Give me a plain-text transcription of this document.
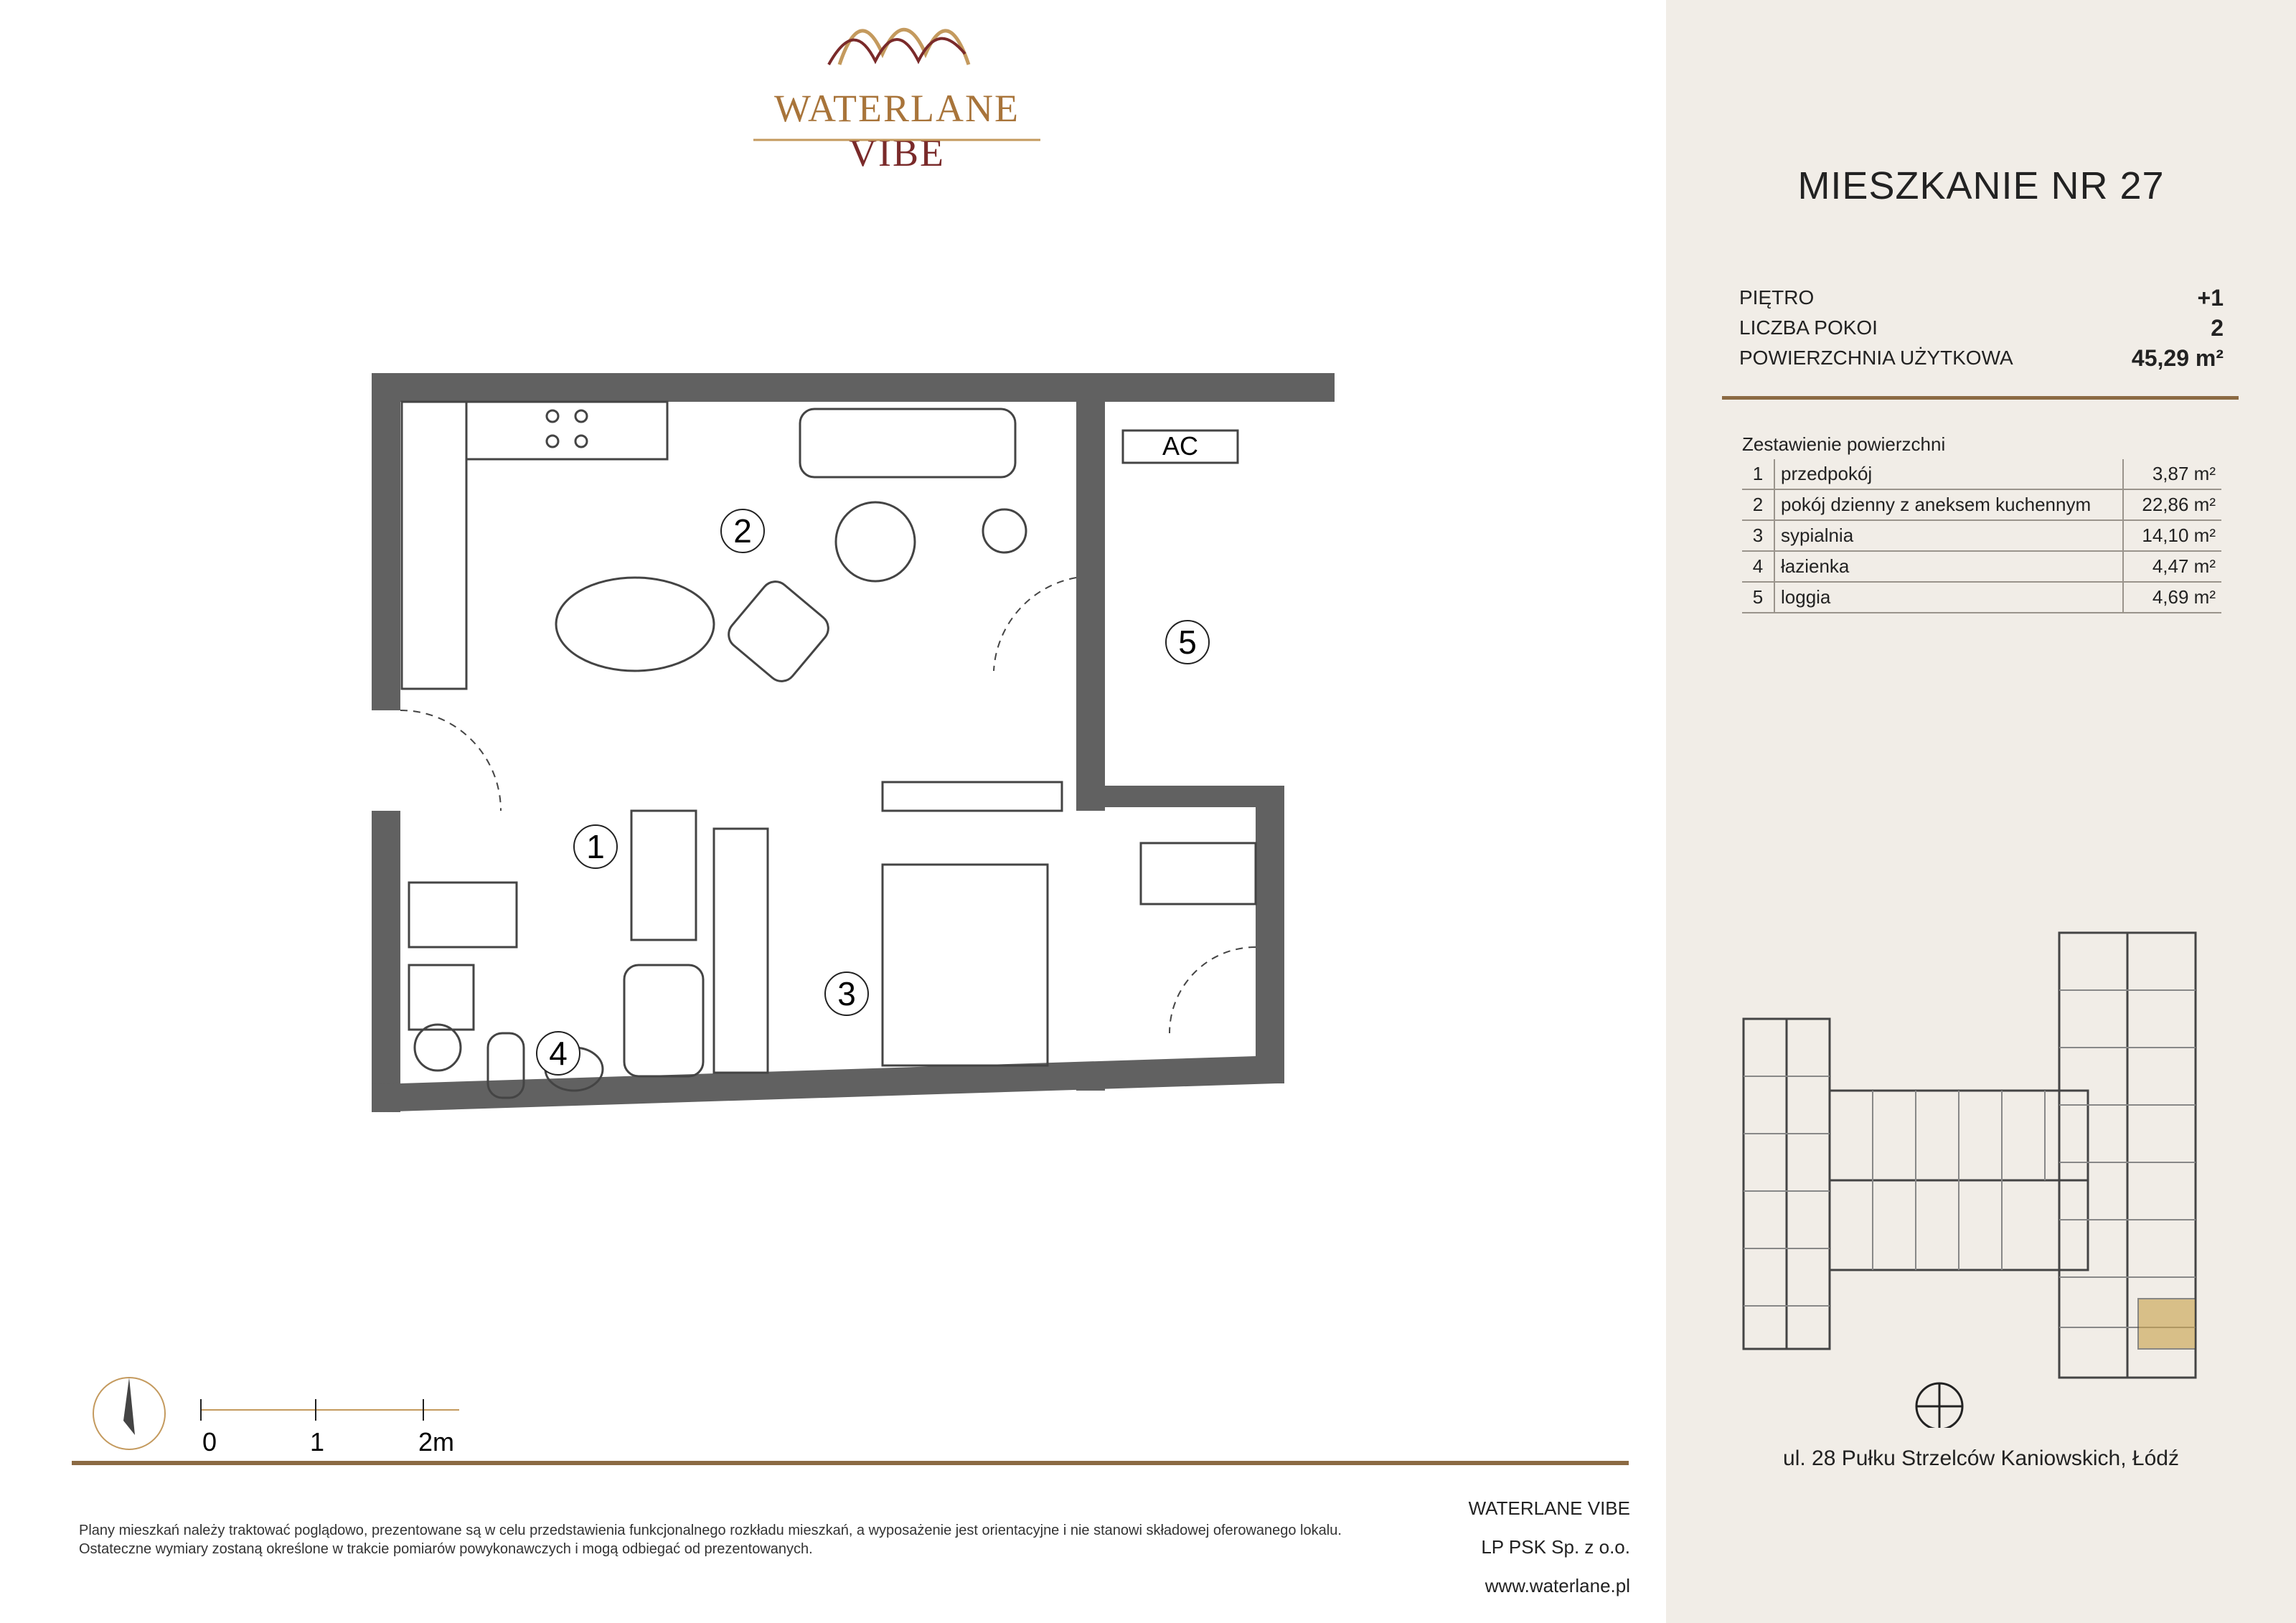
WATERLANE VIBE
2
1
3
4
5
AC
0	1	2m
Plany mieszkań należy traktować poglądowo, prezentowane są w celu przedstawienia funkcjonalnego rozkładu mieszkań, a wyposażenie jest orientacyjne i nie stanowi składowej oferowanego lokalu.
Ostateczne wymiary zostaną określone w trakcie pomiarów powykonawczych i mogą odbiegać od prezentowanych.
WATERLANE VIBE
LP PSK Sp. z o.o.
www.waterlane.pl
MIESZKANIE NR 27
PIĘTRO	+1
LICZBA POKOI	2
POWIERZCHNIA UŻYTKOWA	45,29 m²
Zestawienie powierzchni
1	przedpokój	3,87 m²
2	pokój dzienny z aneksem kuchennym	22,86 m²
3	sypialnia	14,10 m²
4	łazienka	4,47 m²
5	loggia	4,69 m²
ul. 28 Pułku Strzelców Kaniowskich, Łódź
